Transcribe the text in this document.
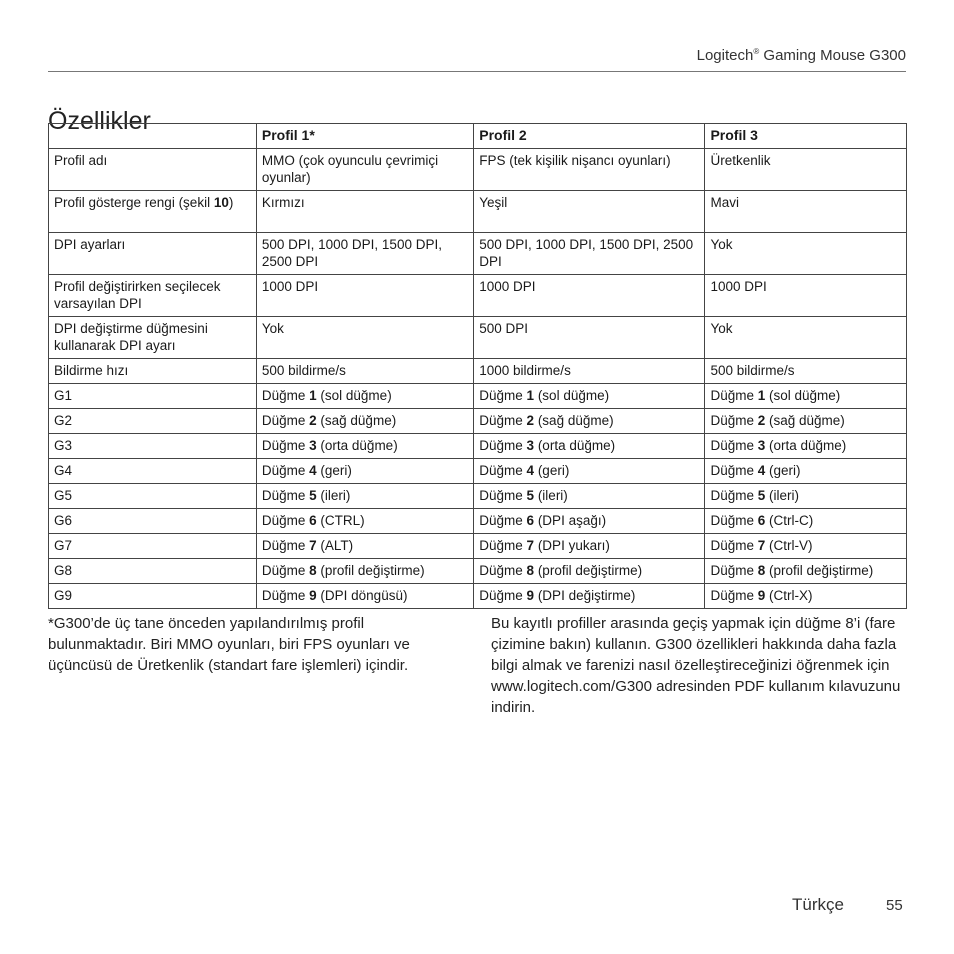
Logitech® Gaming Mouse G300
Özellikler
	Profil 1*	Profil 2	Profil 3
Profil adı	MMO (çok oyunculu çevrimiçi oyunlar)	FPS (tek kişilik nişancı oyunları)	Üretkenlik
Profil gösterge rengi (şekil 10)	Kırmızı	Yeşil	Mavi
DPI ayarları	500 DPI, 1000 DPI, 1500 DPI, 2500 DPI	500 DPI, 1000 DPI, 1500 DPI, 2500 DPI	Yok
Profil değiştirirken seçilecek varsayılan DPI	1000 DPI	1000 DPI	1000 DPI
DPI değiştirme düğmesini kullanarak DPI ayarı	Yok	500 DPI	Yok
Bildirme hızı	500 bildirme/s	1000 bildirme/s	500 bildirme/s
G1	Düğme 1 (sol düğme)	Düğme 1 (sol düğme)	Düğme 1 (sol düğme)
G2	Düğme 2 (sağ düğme)	Düğme 2 (sağ düğme)	Düğme 2 (sağ düğme)
G3	Düğme 3 (orta düğme)	Düğme 3 (orta düğme)	Düğme 3 (orta düğme)
G4	Düğme 4 (geri)	Düğme 4 (geri)	Düğme 4 (geri)
G5	Düğme 5 (ileri)	Düğme 5 (ileri)	Düğme 5 (ileri)
G6	Düğme 6 (CTRL)	Düğme 6 (DPI aşağı)	Düğme 6 (Ctrl-C)
G7	Düğme 7 (ALT)	Düğme 7 (DPI yukarı)	Düğme 7 (Ctrl-V)
G8	Düğme 8 (profil değiştirme)	Düğme 8 (profil değiştirme)	Düğme 8 (profil değiştirme)
G9	Düğme 9 (DPI döngüsü)	Düğme 9 (DPI değiştirme)	Düğme 9 (Ctrl-X)
*G300’de üç tane önceden yapılandırılmış profil bulunmaktadır. Biri MMO oyunları, biri FPS oyunları ve üçüncüsü de Üretkenlik (standart fare işlemleri) içindir.
Bu kayıtlı profiller arasında geçiş yapmak için düğme 8’i (fare çizimine bakın) kullanın. G300 özellikleri hakkında daha fazla bilgi almak ve farenizi nasıl özelleştireceğinizi öğrenmek için www.logitech.com/G300 adresinden PDF kullanım kılavuzunu indirin.
Türkçe	55
